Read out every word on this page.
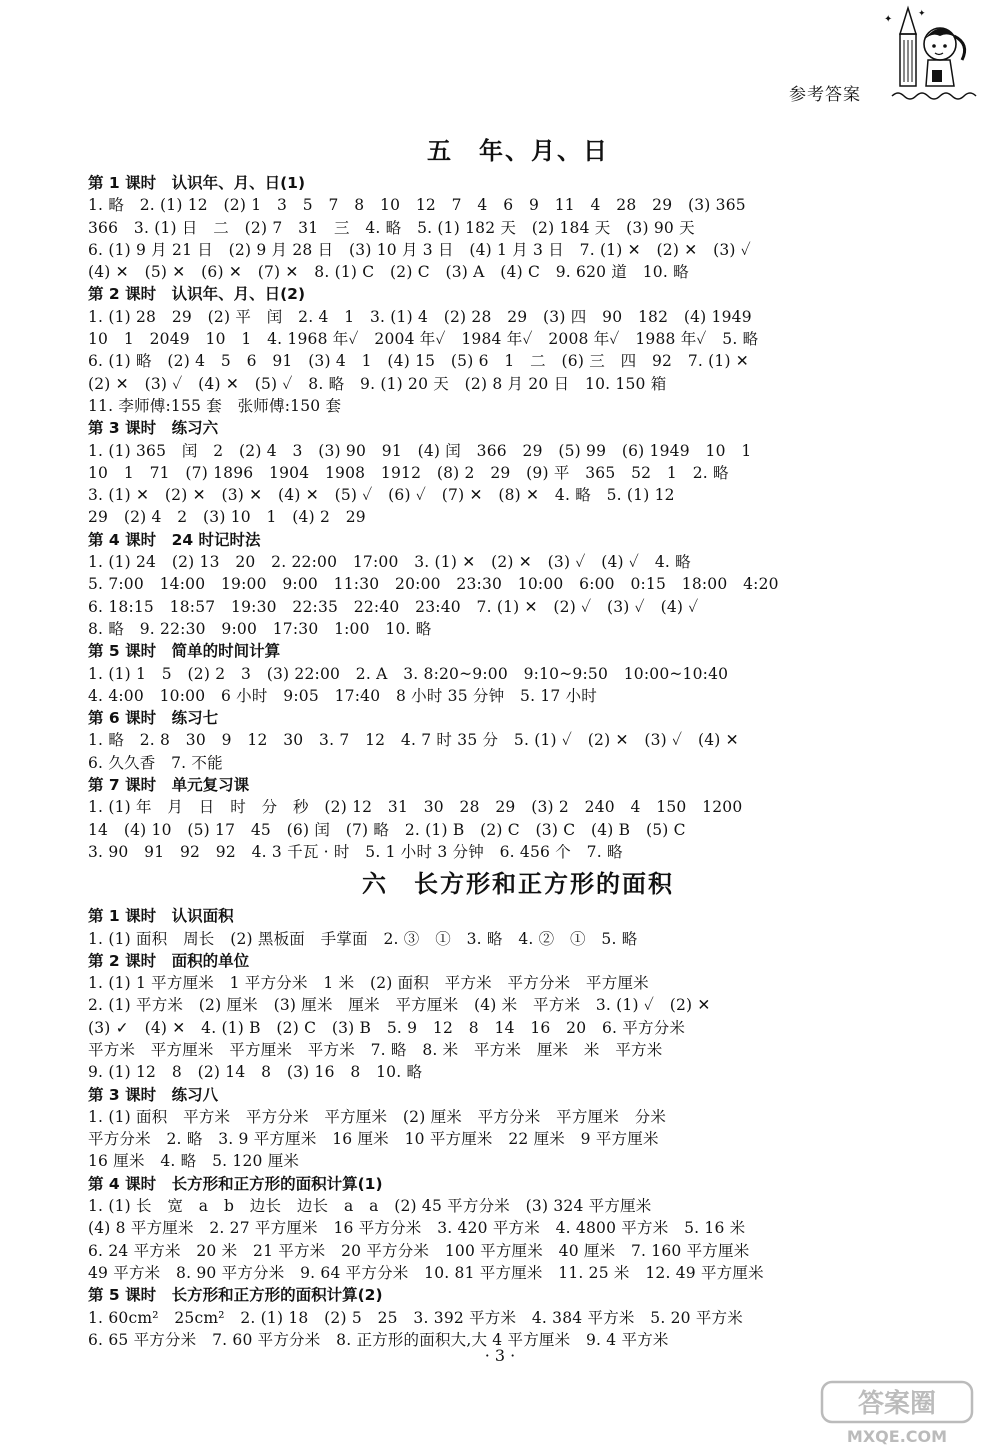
✦	✦
参考答案
五　年、月、日
第 1 课时　认识年、月、日(1)
1. 略　2. (1) 12　(2) 1　3　5　7　8　10　12　7　4　6　9　11　4　28　29　(3) 365
366　3. (1) 日　二　(2) 7　31　三　4. 略　5. (1) 182 天　(2) 184 天　(3) 90 天
6. (1) 9 月 21 日　(2) 9 月 28 日　(3) 10 月 3 日　(4) 1 月 3 日　7. (1) ✕　(2) ✕　(3) ✓
(4) ✕　(5) ✕　(6) ✕　(7) ✕　8. (1) C　(2) C　(3) A　(4) C　9. 620 道　10. 略
第 2 课时　认识年、月、日(2)
1. (1) 28　29　(2) 平　闰　2. 4　1　3. (1) 4　(2) 28　29　(3) 四　90　182　(4) 1949
10　1　2049　10　1　4. 1968 年✓　2004 年✓　1984 年✓　2008 年✓　1988 年✓　5. 略
6. (1) 略　(2) 4　5　6　91　(3) 4　1　(4) 15　(5) 6　1　二　(6) 三　四　92　7. (1) ✕
(2) ✕　(3) ✓　(4) ✕　(5) ✓　8. 略　9. (1) 20 天　(2) 8 月 20 日　10. 150 箱
11. 李师傅:155 套　张师傅:150 套
第 3 课时　练习六
1. (1) 365　闰　2　(2) 4　3　(3) 90　91　(4) 闰　366　29　(5) 99　(6) 1949　10　1
10　1　71　(7) 1896　1904　1908　1912　(8) 2　29　(9) 平　365　52　1　2. 略
3. (1) ✕　(2) ✕　(3) ✕　(4) ✕　(5) ✓　(6) ✓　(7) ✕　(8) ✕　4. 略　5. (1) 12
29　(2) 4　2　(3) 10　1　(4) 2　29
第 4 课时　24 时记时法
1. (1) 24　(2) 13　20　2. 22:00　17:00　3. (1) ✕　(2) ✕　(3) ✓　(4) ✓　4. 略
5. 7:00　14:00　19:00　9:00　11:30　20:00　23:30　10:00　6:00　0:15　18:00　4:20
6. 18:15　18:57　19:30　22:35　22:40　23:40　7. (1) ✕　(2) ✓　(3) ✓　(4) ✓
8. 略　9. 22:30　9:00　17:30　1:00　10. 略
第 5 课时　简单的时间计算
1. (1) 1　5　(2) 2　3　(3) 22:00　2. A　3. 8:20~9:00　9:10~9:50　10:00~10:40
4. 4:00　10:00　6 小时　9:05　17:40　8 小时 35 分钟　5. 17 小时
第 6 课时　练习七
1. 略　2. 8　30　9　12　30　3. 7　12　4. 7 时 35 分　5. (1) ✓　(2) ✕　(3) ✓　(4) ✕
6. 久久香　7. 不能
第 7 课时　单元复习课
1. (1) 年　月　日　时　分　秒　(2) 12　31　30　28　29　(3) 2　240　4　150　1200
14　(4) 10　(5) 17　45　(6) 闰　(7) 略　2. (1) B　(2) C　(3) C　(4) B　(5) C
3. 90　91　92　92　4. 3 千瓦 · 时　5. 1 小时 3 分钟　6. 456 个　7. 略
六　长方形和正方形的面积
第 1 课时　认识面积
1. (1) 面积　周长　(2) 黑板面　手掌面　2. ③　①　3. 略　4. ②　①　5. 略
第 2 课时　面积的单位
1. (1) 1 平方厘米　1 平方分米　1 米　(2) 面积　平方米　平方分米　平方厘米
2. (1) 平方米　(2) 厘米　(3) 厘米　厘米　平方厘米　(4) 米　平方米　3. (1) ✓　(2) ✕
(3) ✓　(4) ✕　4. (1) B　(2) C　(3) B　5. 9　12　8　14　16　20　6. 平方分米
平方米　平方厘米　平方厘米　平方米　7. 略　8. 米　平方米　厘米　米　平方米
9. (1) 12　8　(2) 14　8　(3) 16　8　10. 略
第 3 课时　练习八
1. (1) 面积　平方米　平方分米　平方厘米　(2) 厘米　平方分米　平方厘米　分米
平方分米　2. 略　3. 9 平方厘米　16 厘米　10 平方厘米　22 厘米　9 平方厘米
16 厘米　4. 略　5. 120 厘米
第 4 课时　长方形和正方形的面积计算(1)
1. (1) 长　宽　a　b　边长　边长　a　a　(2) 45 平方分米　(3) 324 平方厘米
(4) 8 平方厘米　2. 27 平方厘米　16 平方分米　3. 420 平方米　4. 4800 平方米　5. 16 米
6. 24 平方米　20 米　21 平方米　20 平方分米　100 平方厘米　40 厘米　7. 160 平方厘米
49 平方米　8. 90 平方分米　9. 64 平方分米　10. 81 平方厘米　11. 25 米　12. 49 平方厘米
第 5 课时　长方形和正方形的面积计算(2)
1. 60cm²　25cm²　2. (1) 18　(2) 5　25　3. 392 平方米　4. 384 平方米　5. 20 平方米
6. 65 平方分米　7. 60 平方分米　8. 正方形的面积大,大 4 平方厘米　9. 4 平方米
· 3 ·
答案圈
MXQE.COM
